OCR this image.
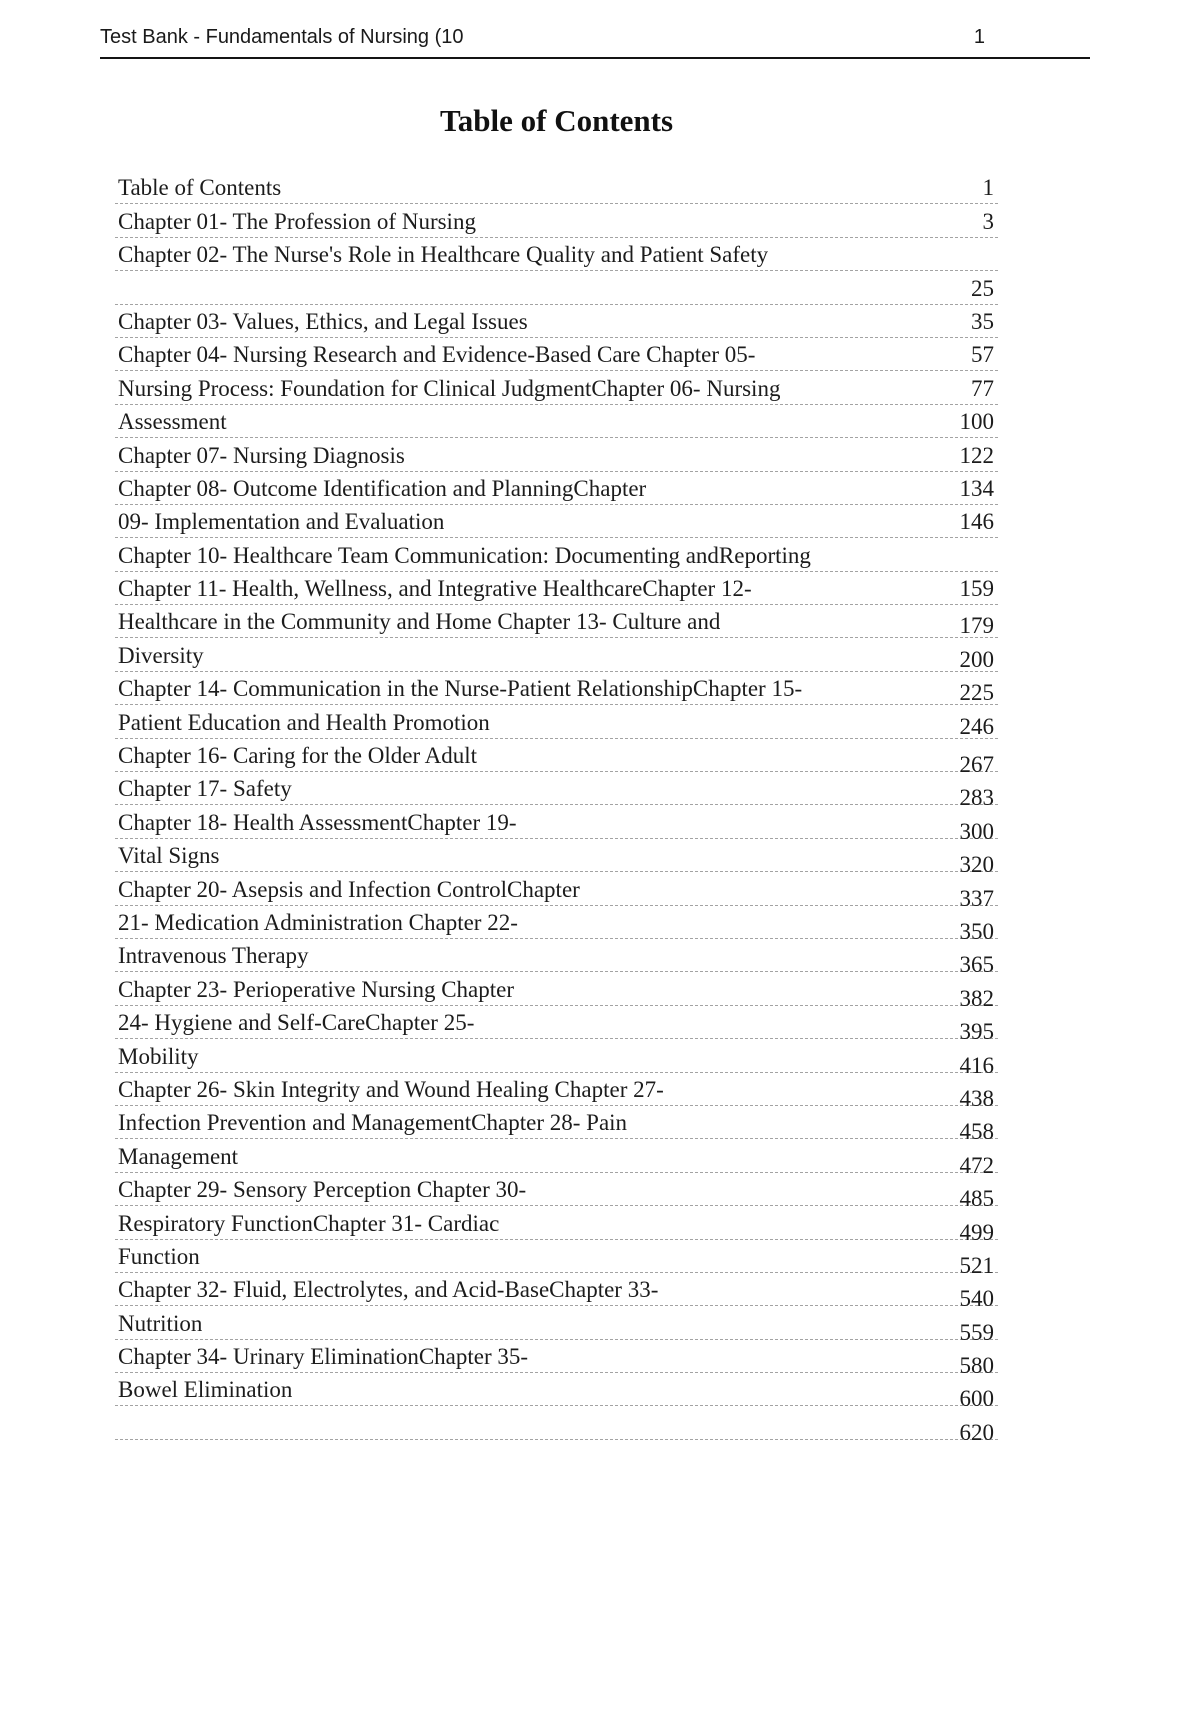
Test Bank - Fundamentals of Nursing (10	1
Table of Contents
Table of Contents	1
Chapter 01- The Profession of Nursing	3
Chapter 02- The Nurse's Role in Healthcare Quality and Patient Safety
25
Chapter 03- Values, Ethics, and Legal Issues	35
Chapter 04- Nursing Research and Evidence-Based Care Chapter 05-	57
Nursing Process: Foundation for Clinical JudgmentChapter 06- Nursing	77
Assessment	100
Chapter 07- Nursing Diagnosis	122
Chapter 08- Outcome Identification and PlanningChapter	134
09- Implementation and Evaluation	146
Chapter 10- Healthcare Team Communication: Documenting andReporting
Chapter 11- Health, Wellness, and Integrative HealthcareChapter 12-	159
Healthcare in the Community and Home Chapter 13- Culture and	179
Diversity	200
Chapter 14- Communication in the Nurse-Patient RelationshipChapter 15-	225
Patient Education and Health Promotion	246
Chapter 16- Caring for the Older Adult	267
Chapter 17- Safety	283
Chapter 18- Health AssessmentChapter 19-	300
Vital Signs	320
Chapter 20- Asepsis and Infection ControlChapter	337
21- Medication Administration Chapter 22-	350
Intravenous Therapy	365
Chapter 23- Perioperative Nursing Chapter	382
24- Hygiene and Self-CareChapter 25-	395
Mobility	416
Chapter 26- Skin Integrity and Wound Healing Chapter 27-	438
Infection Prevention and ManagementChapter 28- Pain	458
Management	472
Chapter 29- Sensory Perception Chapter 30-	485
Respiratory FunctionChapter 31- Cardiac	499
Function	521
Chapter 32- Fluid, Electrolytes, and Acid-BaseChapter 33-	540
Nutrition	559
Chapter 34- Urinary EliminationChapter 35-	580
Bowel Elimination	600
620
